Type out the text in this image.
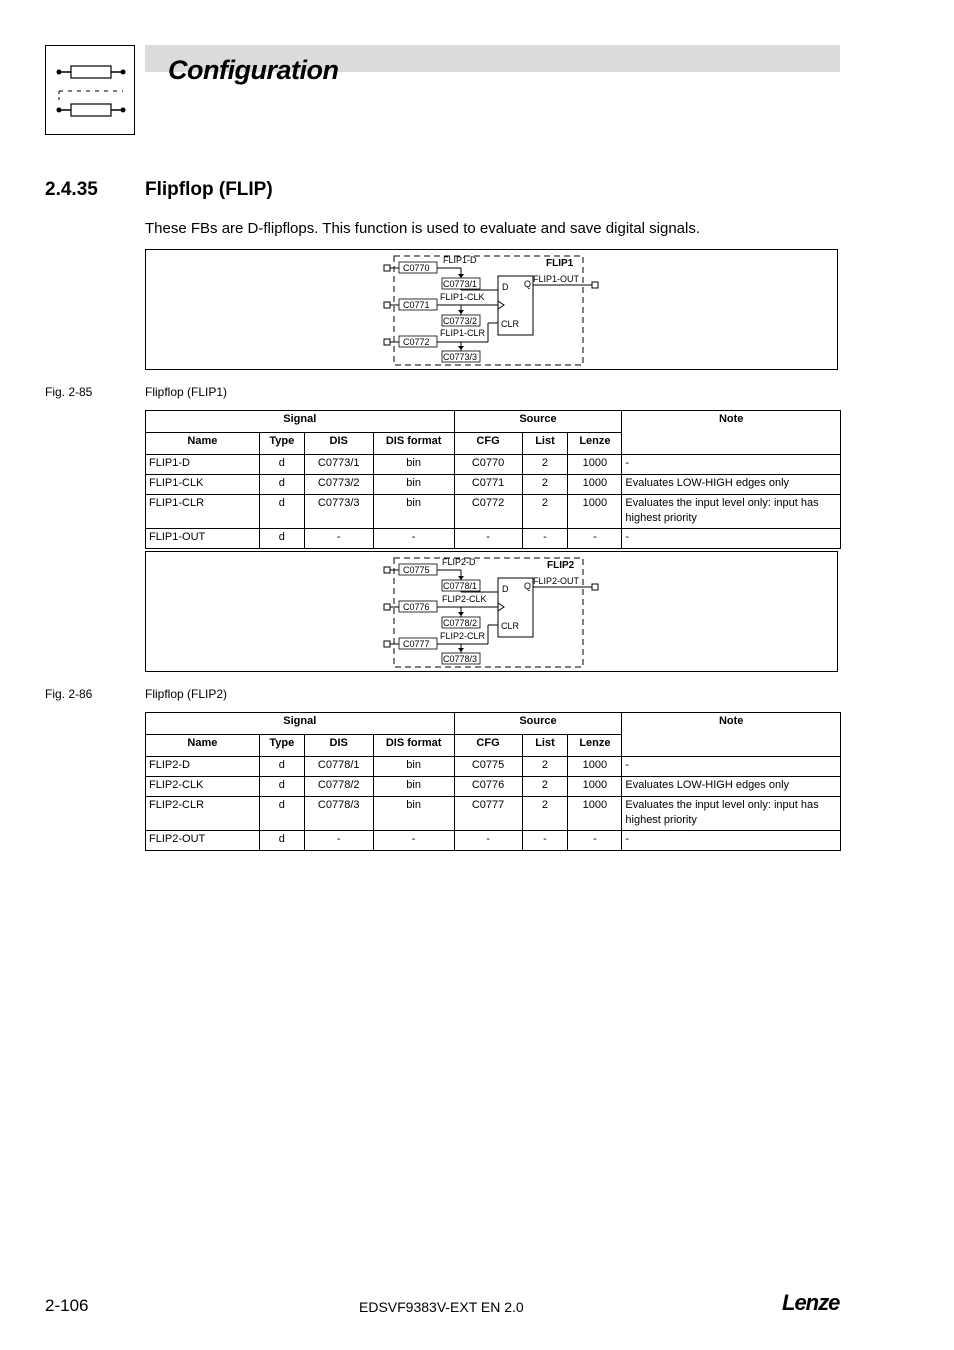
Configuration
2.4.35 Flipflop (FLIP)
These FBs are D-flipflops. This function is used to evaluate and save digital signals.
FLIP1
D Q
CLR
FLIP1-OUT
C0770
FLIP1-D
C0773/1
C0771
FLIP1-CLK
C0773/2
C0772
FLIP1-CLR
C0773/3
Fig. 2-85	Flipflop (FLIP1)
Signal				Source			Note
Name	Type	DIS	DIS format	CFG	List	Lenze	
FLIP1-D	d	C0773/1	bin	C0770	2	1000	-
FLIP1-CLK	d	C0773/2	bin	C0771	2	1000	Evaluates LOW-HIGH edges only
FLIP1-CLR	d	C0773/3	bin	C0772	2	1000	Evaluates the input level only: input has highest priority
FLIP1-OUT	d	-	-	-	-	-	-
FLIP2
D Q
CLR
FLIP2-OUT
C0775
FLIP2-D
C0778/1
C0776
FLIP2-CLK
C0778/2
C0777
FLIP2-CLR
C0778/3
Fig. 2-86	Flipflop (FLIP2)
Signal				Source			Note
Name	Type	DIS	DIS format	CFG	List	Lenze	
FLIP2-D	d	C0778/1	bin	C0775	2	1000	-
FLIP2-CLK	d	C0778/2	bin	C0776	2	1000	Evaluates LOW-HIGH edges only
FLIP2-CLR	d	C0778/3	bin	C0777	2	1000	Evaluates the input level only: input has highest priority
FLIP2-OUT	d	-	-	-	-	-	-
2-106	EDSVF9383V-EXT EN 2.0	Lenze
